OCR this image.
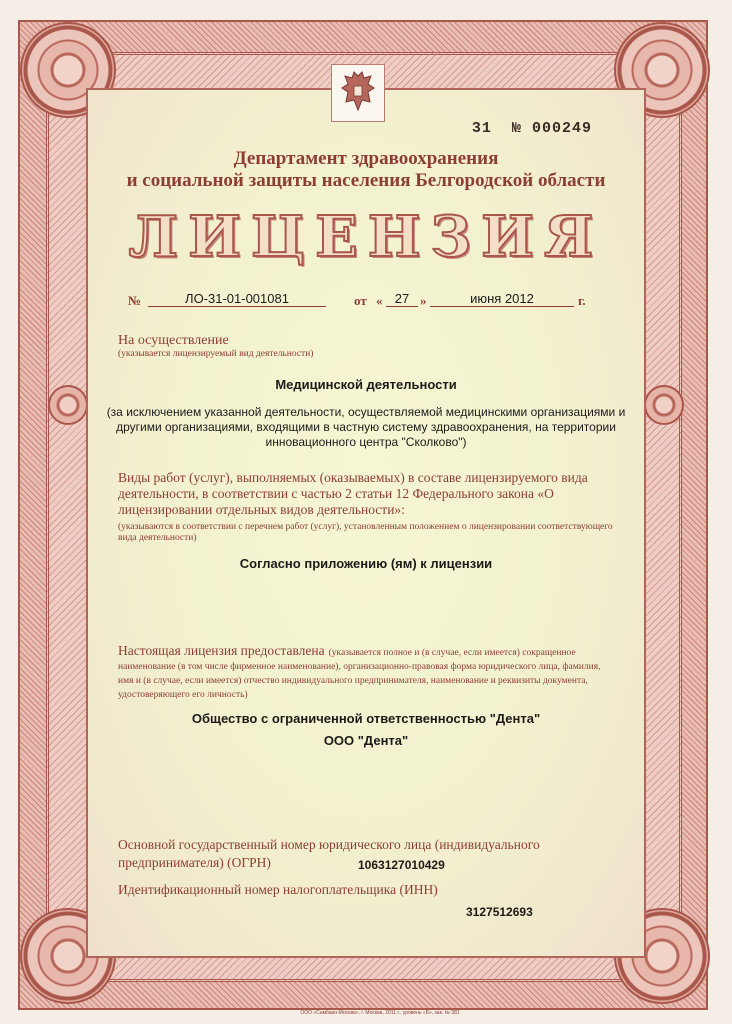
31 № 000249
Департамент здравоохранения
и социальной защиты населения Белгородской области
ЛИЦЕНЗИЯ
№	ЛО-31-01-001081	от « 27 »	июня 2012	г.
На осуществление
(указывается лицензируемый вид деятельности)
Медицинской деятельности
(за исключением указанной деятельности, осуществляемой медицинскими организациями и другими организациями, входящими в частную систему здравоохранения, на территории инновационного центра "Сколково")
Виды работ (услуг), выполняемых (оказываемых) в составе лицензируемого вида деятельности, в соответствии с частью 2 статьи 12 Федерального закона «О лицензировании отдельных видов деятельности»:
(указываются в соответствии с перечнем работ (услуг), установленным положением о лицензировании соответствующего вида деятельности)
Согласно приложению (ям) к лицензии
Настоящая лицензия предоставлена (указывается полное и (в случае, если имеется) сокращенное наименование (в том числе фирменное наименование), организационно-правовая форма юридического лица, фамилия, имя и (в случае, если имеется) отчество индивидуального предпринимателя, наименование и реквизиты документа, удостоверяющего его личность)
Общество с ограниченной ответственностью "Дента"
ООО "Дента"
Основной государственный номер юридического лица (индивидуального предпринимателя) (ОГРН)	1063127010429
Идентификационный номер налогоплательщика (ИНН)
3127512693
ООО «Самбаин-Москва», г. Москва, 2011 г., уровень «Б», зак. № 381
